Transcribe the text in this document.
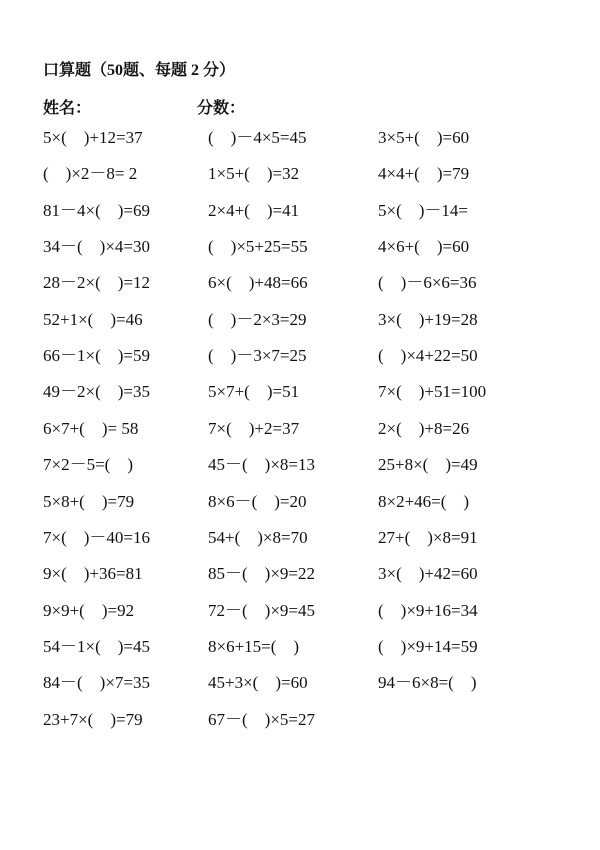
口算题（50题、每题 2 分）
姓名：	分数：
5×(　)+12=37	(　)－4×5=45	3×5+(　)=60
(　)×2－8= 2	1×5+(　)=32	4×4+(　)=79
81－4×(　)=69	2×4+(　)=41	5×(　)－14=
34－(　)×4=30	(　)×5+25=55	4×6+(　)=60
28－2×(　)=12	6×(　)+48=66	(　)－6×6=36
52+1×(　)=46	(　)－2×3=29	3×(　)+19=28
66－1×(　)=59	(　)－3×7=25	(　)×4+22=50
49－2×(　)=35	5×7+(　)=51	7×(　)+51=100
6×7+(　)= 58	7×(　)+2=37	2×(　)+8=26
7×2－5=(　)	45－(　)×8=13	25+8×(　)=49
5×8+(　)=79	8×6－(　)=20	8×2+46=(　)
7×(　)－40=16	54+(　)×8=70	27+(　)×8=91
9×(　)+36=81	85－(　)×9=22	3×(　)+42=60
9×9+(　)=92	72－(　)×9=45	(　)×9+16=34
54－1×(　)=45	8×6+15=(　)	(　)×9+14=59
84－(　)×7=35	45+3×(　)=60	94－6×8=(　)
23+7×(　)=79	67－(　)×5=27
